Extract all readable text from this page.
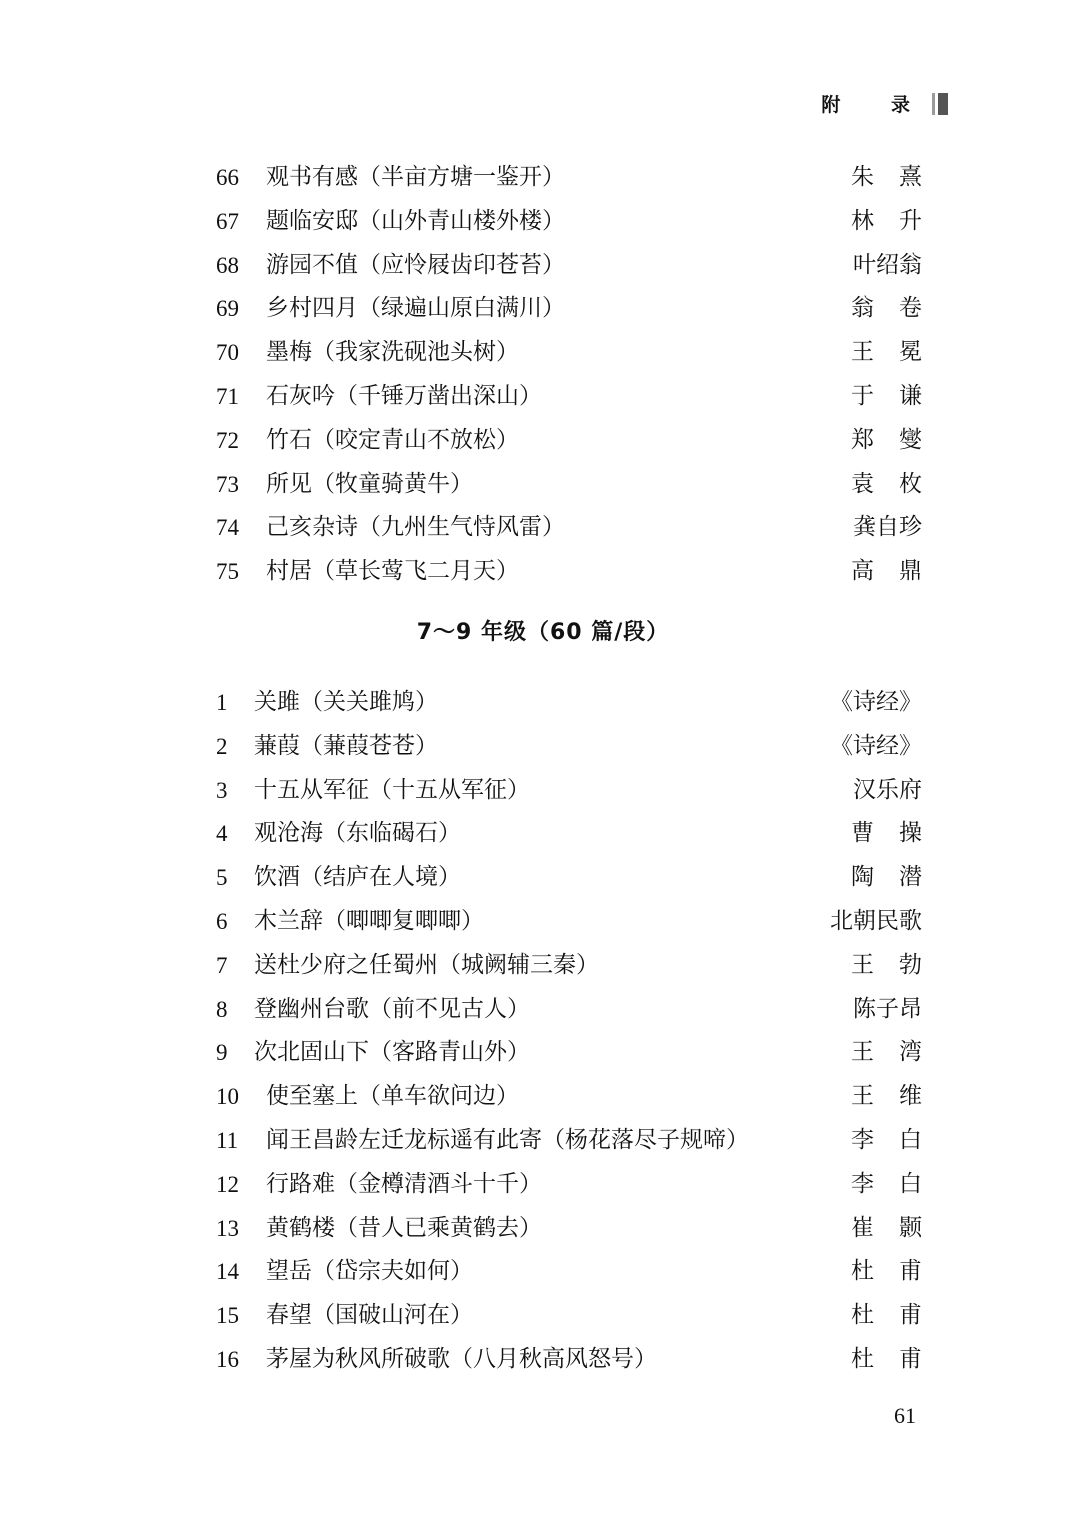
附 录
66 观书有感（半亩方塘一鉴开）	朱熹
67 题临安邸（山外青山楼外楼）	林升
68 游园不值（应怜屐齿印苍苔）	叶绍翁
69 乡村四月（绿遍山原白满川）	翁卷
70 墨梅（我家洗砚池头树）	王冕
71 石灰吟（千锤万凿出深山）	于谦
72 竹石（咬定青山不放松）	郑燮
73 所见（牧童骑黄牛）	袁枚
74 己亥杂诗（九州生气恃风雷）	龚自珍
75 村居（草长莺飞二月天）	高鼎
7～9 年级（60 篇/段）
1 关雎（关关雎鸠）	《诗经》
2 蒹葭（蒹葭苍苍）	《诗经》
3 十五从军征（十五从军征）	汉乐府
4 观沧海（东临碣石）	曹操
5 饮酒（结庐在人境）	陶潜
6 木兰辞（唧唧复唧唧）	北朝民歌
7 送杜少府之任蜀州（城阙辅三秦）	王勃
8 登幽州台歌（前不见古人）	陈子昂
9 次北固山下（客路青山外）	王湾
10 使至塞上（单车欲问边）	王维
11 闻王昌龄左迁龙标遥有此寄（杨花落尽子规啼）	李白
12 行路难（金樽清酒斗十千）	李白
13 黄鹤楼（昔人已乘黄鹤去）	崔颢
14 望岳（岱宗夫如何）	杜甫
15 春望（国破山河在）	杜甫
16 茅屋为秋风所破歌（八月秋高风怒号）	杜甫
61
